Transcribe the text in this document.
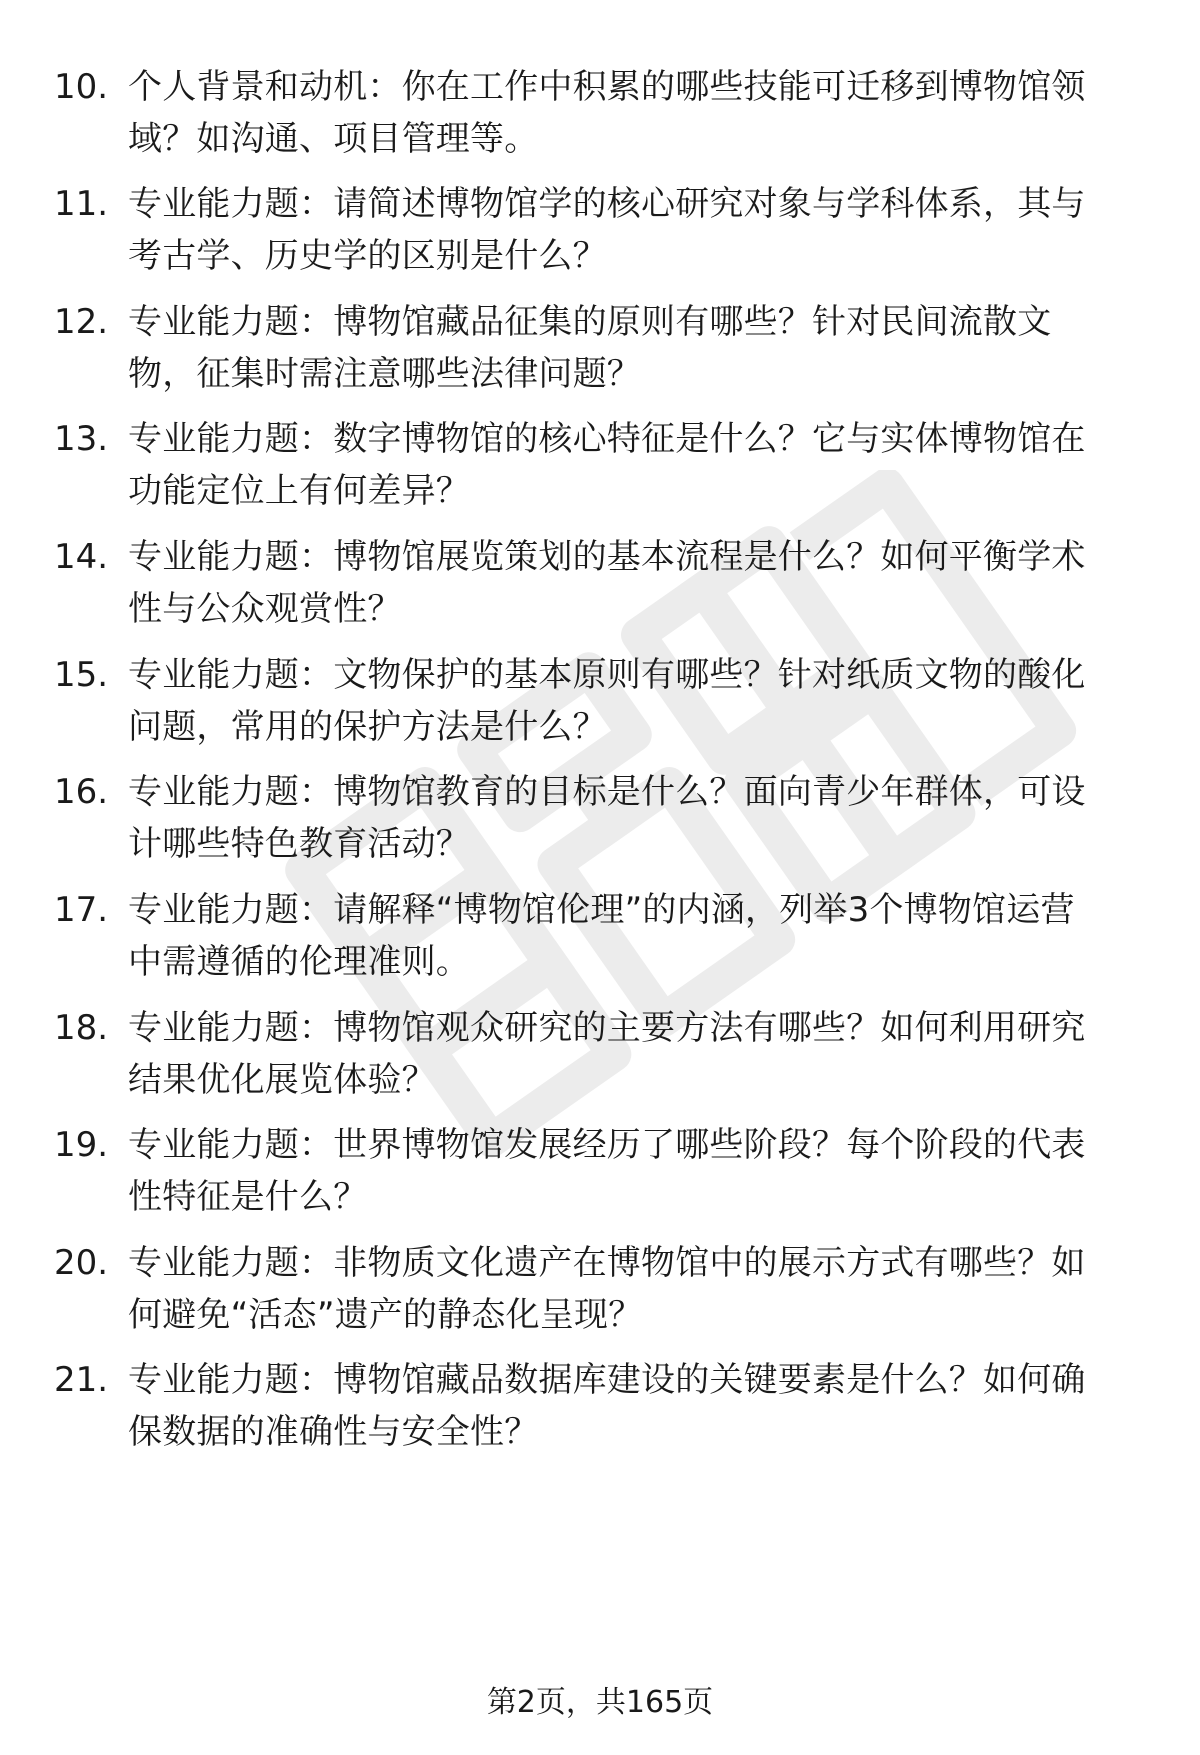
10. 个人背景和动机：你在工作中积累的哪些技能可迁移到博物馆领
域？如沟通、项目管理等。
11. 专业能力题：请简述博物馆学的核心研究对象与学科体系，其与
考古学、历史学的区别是什么？
12. 专业能力题：博物馆藏品征集的原则有哪些？针对民间流散文
物，征集时需注意哪些法律问题？
13. 专业能力题：数字博物馆的核心特征是什么？它与实体博物馆在
功能定位上有何差异？
14. 专业能力题：博物馆展览策划的基本流程是什么？如何平衡学术
性与公众观赏性？
15. 专业能力题：文物保护的基本原则有哪些？针对纸质文物的酸化
问题，常用的保护方法是什么？
16. 专业能力题：博物馆教育的目标是什么？面向青少年群体，可设
计哪些特色教育活动？
17. 专业能力题：请解释“博物馆伦理”的内涵，列举3个博物馆运营
中需遵循的伦理准则。
18. 专业能力题：博物馆观众研究的主要方法有哪些？如何利用研究
结果优化展览体验？
19. 专业能力题：世界博物馆发展经历了哪些阶段？每个阶段的代表
性特征是什么？
20. 专业能力题：非物质文化遗产在博物馆中的展示方式有哪些？如
何避免“活态”遗产的静态化呈现？
21. 专业能力题：博物馆藏品数据库建设的关键要素是什么？如何确
保数据的准确性与安全性？
第2页，共165页
